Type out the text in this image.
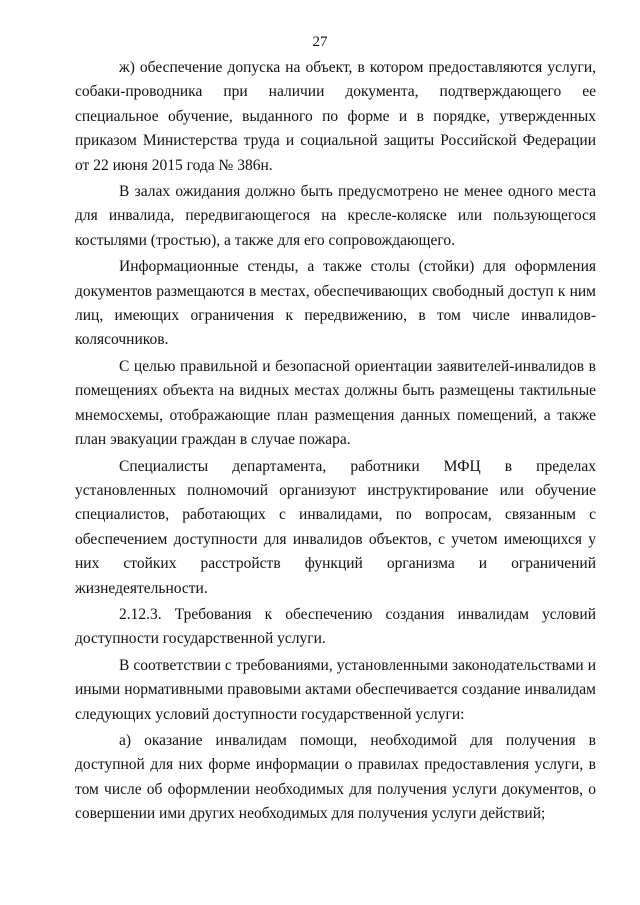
27

ж) обеспечение допуска на объект, в котором предоставляются услуги, собаки-проводника при наличии документа, подтверждающего ее специальное обучение, выданного по форме и в порядке, утвержденных приказом Министерства труда и социальной защиты Российской Федерации от 22 июня 2015 года № 386н.

В залах ожидания должно быть предусмотрено не менее одного места для инвалида, передвигающегося на кресле-коляске или пользующегося костылями (тростью), а также для его сопровождающего.

Информационные стенды, а также столы (стойки) для оформления документов размещаются в местах, обеспечивающих свободный доступ к ним лиц, имеющих ограничения к передвижению, в том числе инвалидов-колясочников.

С целью правильной и безопасной ориентации заявителей-инвалидов в помещениях объекта на видных местах должны быть размещены тактильные мнемосхемы, отображающие план размещения данных помещений, а также план эвакуации граждан в случае пожара.

Специалисты департамента, работники МФЦ в пределах установленных полномочий организуют инструктирование или обучение специалистов, работающих с инвалидами, по вопросам, связанным с обеспечением доступности для инвалидов объектов, с учетом имеющихся у них стойких расстройств функций организма и ограничений жизнедеятельности.

2.12.3. Требования к обеспечению создания инвалидам условий доступности государственной услуги.

В соответствии с требованиями, установленными законодательствами и иными нормативными правовыми актами обеспечивается создание инвалидам следующих условий доступности государственной услуги:

а) оказание инвалидам помощи, необходимой для получения в доступной для них форме информации о правилах предоставления услуги, в том числе об оформлении необходимых для получения услуги документов, о совершении ими других необходимых для получения услуги действий;
